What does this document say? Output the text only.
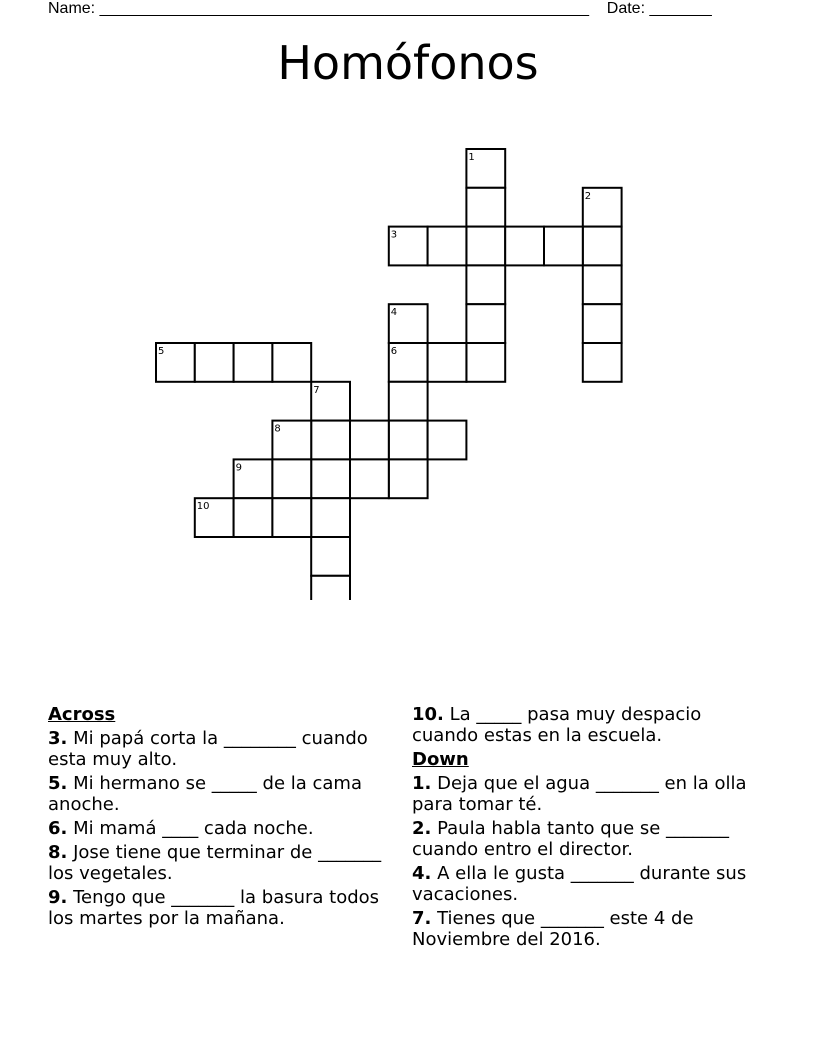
Name: _______________________________________________________ Date: _______
Homófonos
1
2
3
4
5	6
7
8
9
10
Across
3. Mi papá corta la ________ cuando esta muy alto.
5. Mi hermano se _____ de la cama anoche.
6. Mi mamá ____ cada noche.
8. Jose tiene que terminar de _______ los vegetales.
9. Tengo que _______ la basura todos los martes por la mañana.
10. La _____ pasa muy despacio cuando estas en la escuela.
Down
1. Deja que el agua _______ en la olla para tomar té.
2. Paula habla tanto que se _______ cuando entro el director.
4. A ella le gusta _______ durante sus vacaciones.
7. Tienes que _______ este 4 de Noviembre del 2016.
